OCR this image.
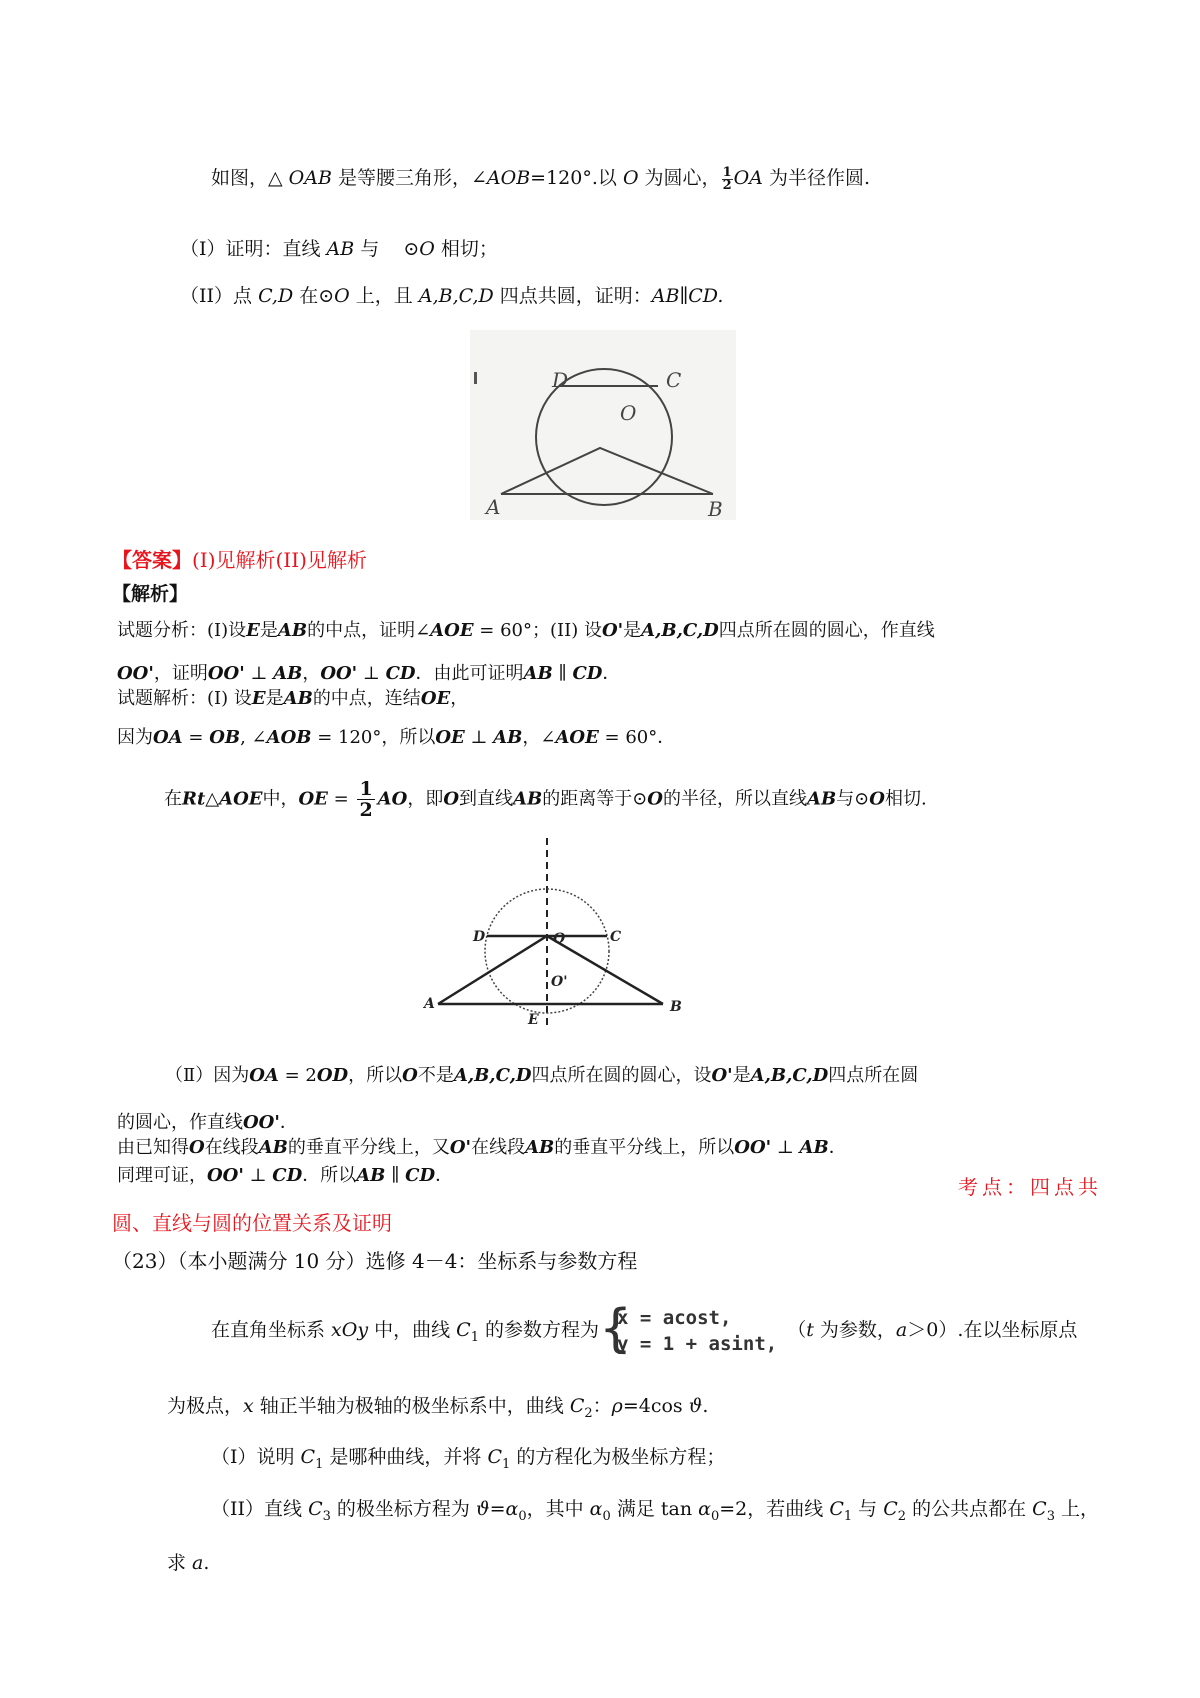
如图，△ OAB 是等腰三角形，∠AOB=120°.以 O 为圆心， $\frac{1}{2}$ OA 为半径作圆.
（I）证明：直线 AB 与 ⊙O 相切；
（II）点 C,D 在⊙O 上，且 A,B,C,D 四点共圆，证明：AB∥CD.
D	C
O
A	B
【答案】(I)见解析(II)见解析
【解析】
试题分析：(I)设E是AB的中点，证明∠AOE = 60°；(II) 设O'是A,B,C,D四点所在圆的圆心，作直线
OO'，证明OO' ⊥ AB，OO' ⊥ CD．由此可证明AB ∥ CD．
试题解析：(Ⅰ) 设E是AB的中点，连结OE，
因为OA = OB, ∠AOB = 120°，所以OE ⊥ AB，∠AOE = 60°．
在Rt△AOE中，OE = $\frac{1}{2}$ AO，即O到直线AB的距离等于⊙O的半径，所以直线AB与⊙O相切.
D	C
O
O'
A
E
B
（Ⅱ）因为OA = 2OD，所以O不是A,B,C,D四点所在圆的圆心，设O'是A,B,C,D四点所在圆
的圆心，作直线OO'．
由已知得O在线段AB的垂直平分线上，又O'在线段AB的垂直平分线上，所以OO' ⊥ AB．
同理可证，OO' ⊥ CD．所以AB ∥ CD．	考点：四点共
圆、直线与圆的位置关系及证明
（23）（本小题满分 10 分）选修 4－4：坐标系与参数方程
在直角坐标系 xOy 中，曲线 $C_1$ 的参数方程为 {
x = acost,
y = 1 + asint,
（t 为参数，a＞0）.在以坐标原点
为极点，x 轴正半轴为极轴的极坐标系中，曲线 $C_2$：ρ=4cos ϑ.
（I）说明 $C_1$ 是哪种曲线，并将 $C_1$ 的方程化为极坐标方程；
（II）直线 $C_3$ 的极坐标方程为 $ϑ=\alpha_0$，其中 $\alpha_0$ 满足 $\tan \alpha_0=2$，若曲线 $C_1$ 与 $C_2$ 的公共点都在 $C_3$ 上，
求 a.
